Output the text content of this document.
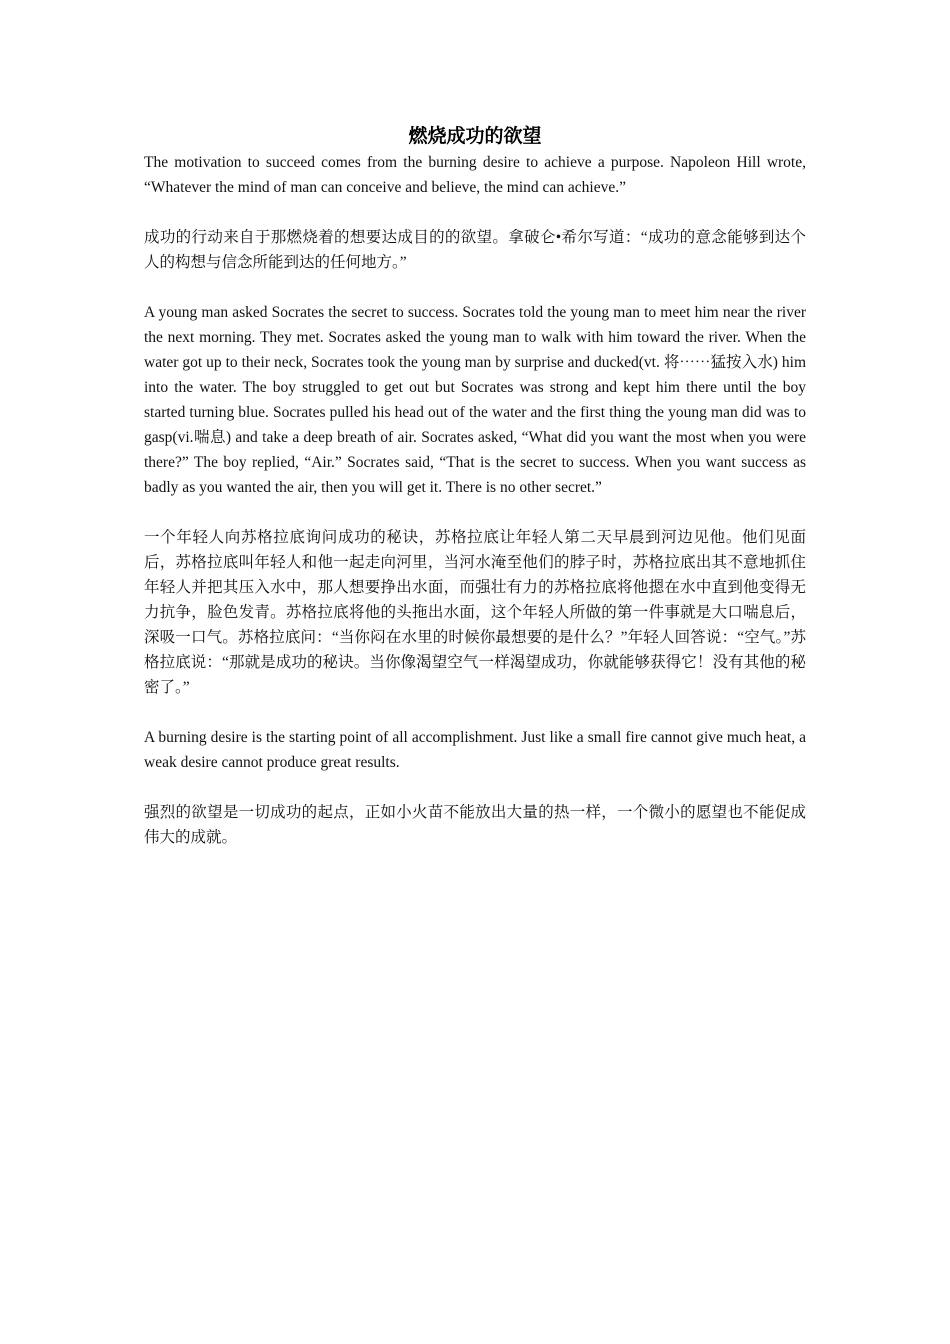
燃烧成功的欲望

The motivation to succeed comes from the burning desire to achieve a purpose. Napoleon Hill wrote, “Whatever the mind of man can conceive and believe, the mind can achieve.”

成功的行动来自于那燃烧着的想要达成目的的欲望。拿破仑•希尔写道：“成功的意念能够到达个人的构想与信念所能到达的任何地方。”

A young man asked Socrates the secret to success. Socrates told the young man to meet him near the river the next morning. They met. Socrates asked the young man to walk with him toward the river. When the water got up to their neck, Socrates took the young man by surprise and ducked(vt. 将⋯⋯猛按入水) him into the water. The boy struggled to get out but Socrates was strong and kept him there until the boy started turning blue. Socrates pulled his head out of the water and the first thing the young man did was to gasp(vi.喘息) and take a deep breath of air. Socrates asked, “What did you want the most when you were there?” The boy replied, “Air.” Socrates said, “That is the secret to success. When you want success as badly as you wanted the air, then you will get it. There is no other secret.”

一个年轻人向苏格拉底询问成功的秘诀，苏格拉底让年轻人第二天早晨到河边见他。他们见面后，苏格拉底叫年轻人和他一起走向河里，当河水淹至他们的脖子时，苏格拉底出其不意地抓住年轻人并把其压入水中，那人想要挣出水面，而强壮有力的苏格拉底将他摁在水中直到他变得无力抗争，脸色发青。苏格拉底将他的头拖出水面，这个年轻人所做的第一件事就是大口喘息后，深吸一口气。苏格拉底问：“当你闷在水里的时候你最想要的是什么？”年轻人回答说：“空气。”苏格拉底说：“那就是成功的秘诀。当你像渴望空气一样渴望成功，你就能够获得它！没有其他的秘密了。”

A burning desire is the starting point of all accomplishment. Just like a small fire cannot give much heat, a weak desire cannot produce great results.

强烈的欲望是一切成功的起点，正如小火苗不能放出大量的热一样，一个微小的愿望也不能促成伟大的成就。
